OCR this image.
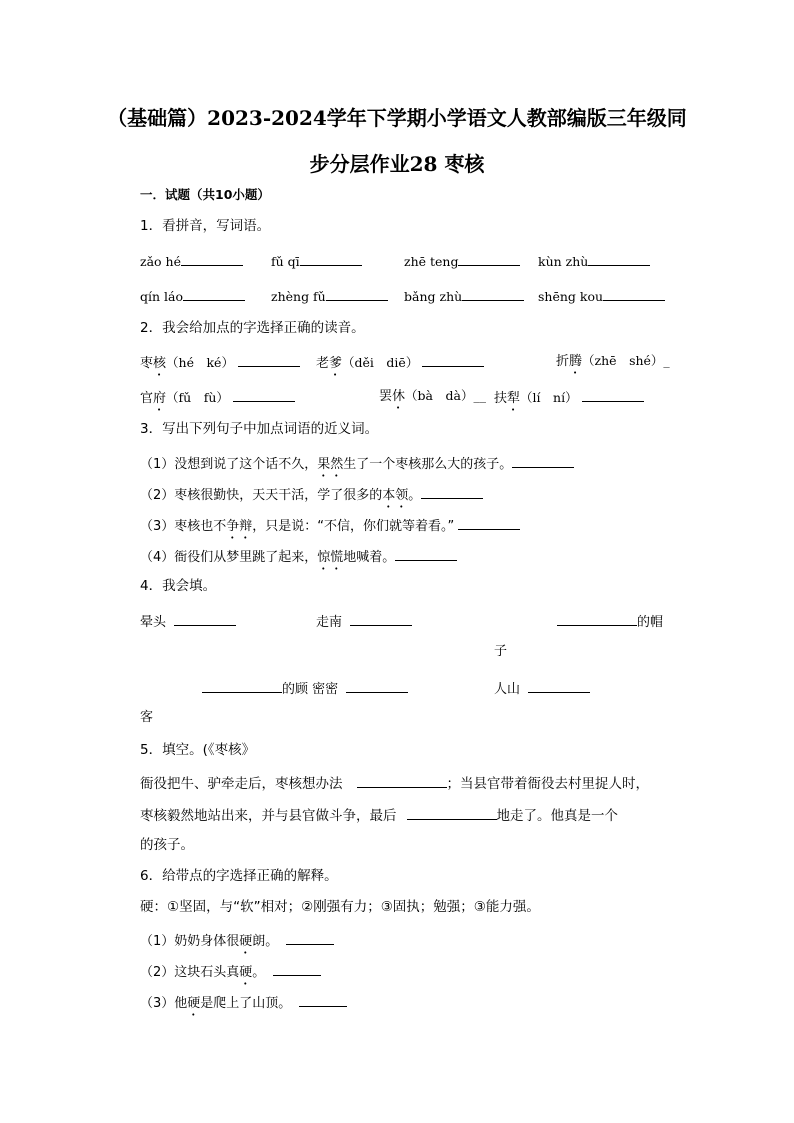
（基础篇）2023-2024学年下学期小学语文人教部编版三年级同
步分层作业28 枣核
一．试题（共10小题）
1．看拼音，写词语。
zǎo hé	fǔ qī	zhē teng	kùn zhù
qín láo	zhèng fǔ	bǎng zhù	shēng kou
2．我会给加点的字选择正确的读音。
枣核（hé　ké）	老爹（děi　diē）	折腾（zhē　shé）_
官府（fǔ　fù）	罢休（bà　dà）__ 扶犁（lí　ní）
3．写出下列句子中加点词语的近义词。
（1）没想到说了这个话不久，果然生了一个枣核那么大的孩子。
（2）枣核很勤快，天天干活，学了很多的本领。
（3）枣核也不争辩，只是说：“不信，你们就等着看。”
（4）衙役们从梦里跳了起来，惊慌地喊着。
4．我会填。
晕头	走南	的帽
子
的顾 密密	人山
客
5．填空。(《枣核》
衙役把牛、驴牵走后，枣核想办法	；当县官带着衙役去村里捉人时，
枣核毅然地站出来，并与县官做斗争，最后	地走了。他真是一个
的孩子。
6．给带点的字选择正确的解释。
硬：①坚固，与“软”相对；②刚强有力；③固执；勉强；③能力强。
（1）奶奶身体很硬朗。
（2）这块石头真硬。
（3）他硬是爬上了山顶。
